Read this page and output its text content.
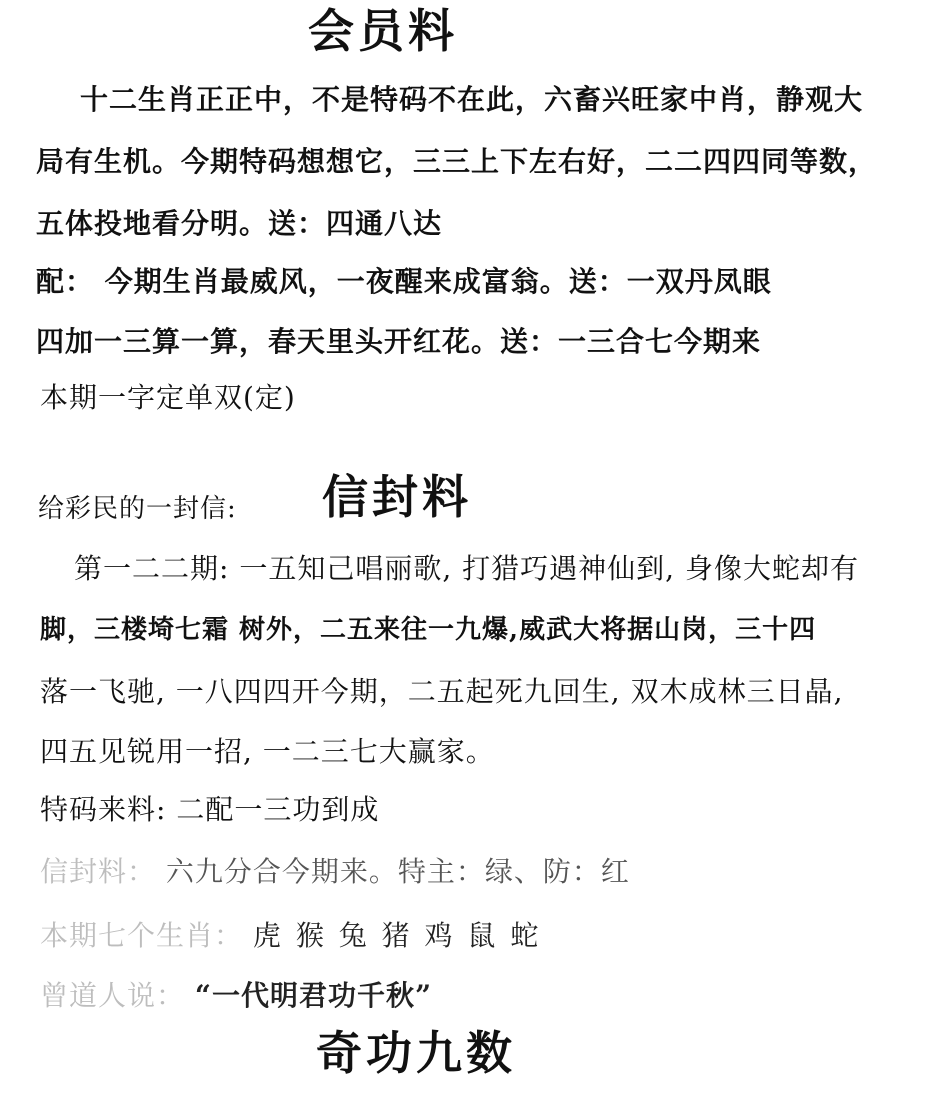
会员料
十二生肖正正中，不是特码不在此，六畜兴旺家中肖，静观大
局有生机。今期特码想想它，三三上下左右好，二二四四同等数，
五体投地看分明。送：四通八达
配： 今期生肖最威风，一夜醒来成富翁。送：一双丹凤眼
四加一三算一算，春天里头开红花。送：一三合七今期来
本期一字定单双(定)
给彩民的一封信: 信封料
第一二二期: 一五知己唱丽歌, 打猎巧遇神仙到, 身像大蛇却有
脚，三楼埼七霜 树外，二五来往一九爆,威武大将据山岗，三十四
落一飞驰, 一八四四开今期，二五起死九回生, 双木成林三日晶,
四五见锐用一招, 一二三七大赢家。
特码来料: 二配一三功到成
信封料： 六九分合今期来。特主：绿、防：红
本期七个生肖： 虎 猴 兔 猪 鸡 鼠 蛇
曾道人说： “一代明君功千秋”
奇功九数
